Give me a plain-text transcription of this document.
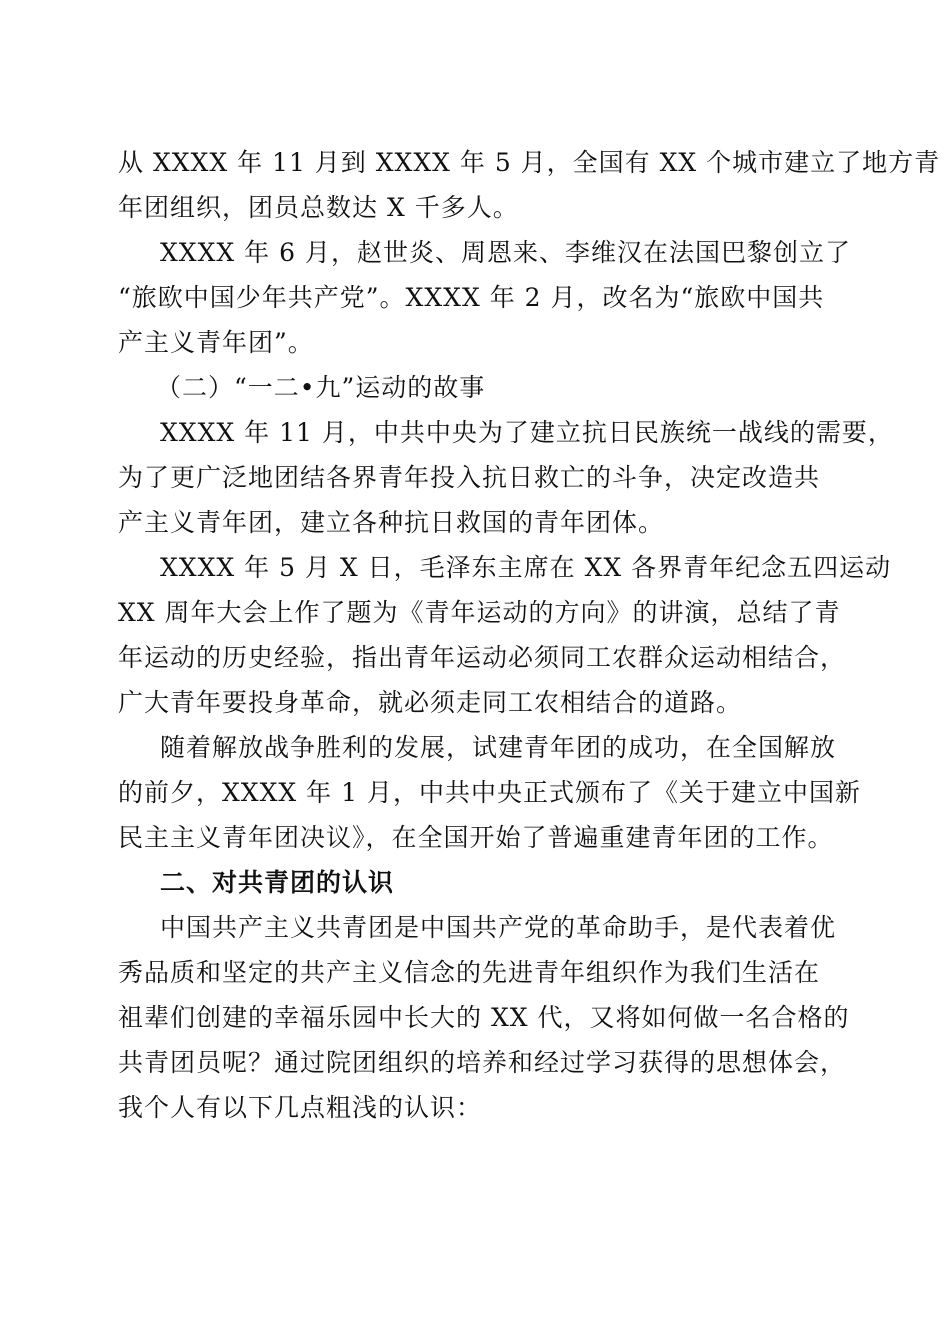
从 XXXX 年 11 月到 XXXX 年 5 月，全国有 XX 个城市建立了地方青
年团组织，团员总数达 X 千多人。
XXXX 年 6 月，赵世炎、周恩来、李维汉在法国巴黎创立了
“旅欧中国少年共产党”。XXXX 年 2 月，改名为“旅欧中国共
产主义青年团”。
（二）“一二•九”运动的故事
XXXX 年 11 月，中共中央为了建立抗日民族统一战线的需要，
为了更广泛地团结各界青年投入抗日救亡的斗争，决定改造共
产主义青年团，建立各种抗日救国的青年团体。
XXXX 年 5 月 X 日，毛泽东主席在 XX 各界青年纪念五四运动
XX 周年大会上作了题为《青年运动的方向》的讲演，总结了青
年运动的历史经验，指出青年运动必须同工农群众运动相结合，
广大青年要投身革命，就必须走同工农相结合的道路。
随着解放战争胜利的发展，试建青年团的成功，在全国解放
的前夕，XXXX 年 1 月，中共中央正式颁布了《关于建立中国新
民主主义青年团决议》，在全国开始了普遍重建青年团的工作。
二、对共青团的认识
中国共产主义共青团是中国共产党的革命助手，是代表着优
秀品质和坚定的共产主义信念的先进青年组织作为我们生活在
祖辈们创建的幸福乐园中长大的 XX 代，又将如何做一名合格的
共青团员呢？通过院团组织的培养和经过学习获得的思想体会，
我个人有以下几点粗浅的认识：
